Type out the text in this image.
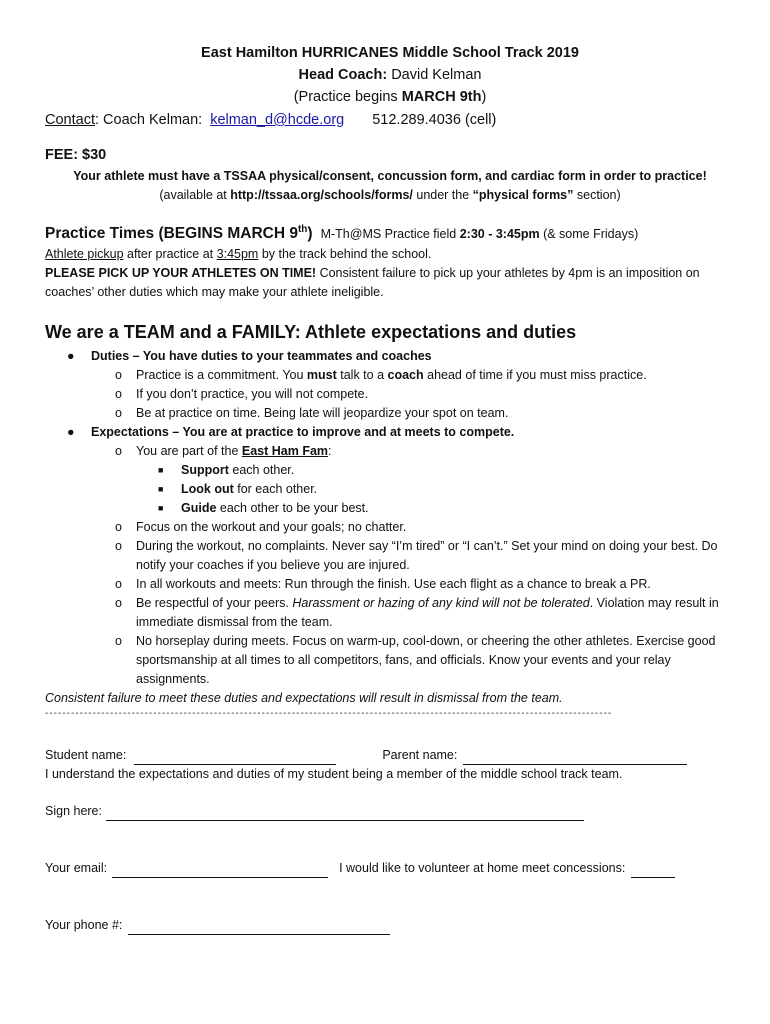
East Hamilton HURRICANES Middle School Track 2019
Head Coach: David Kelman
(Practice begins MARCH 9th)
Contact: Coach Kelman: kelman_d@hcde.org 512.289.4036 (cell)
FEE: $30
Your athlete must have a TSSAA physical/consent, concussion form, and cardiac form in order to practice!
(available at http://tssaa.org/schools/forms/ under the “physical forms” section)
Practice Times (BEGINS MARCH 9th) M-Th@MS Practice field 2:30 - 3:45pm (& some Fridays)
Athlete pickup after practice at 3:45pm by the track behind the school.
PLEASE PICK UP YOUR ATHLETES ON TIME! Consistent failure to pick up your athletes by 4pm is an imposition on coaches’ other duties which may make your athlete ineligible.
We are a TEAM and a FAMILY: Athlete expectations and duties
● Duties – You have duties to your teammates and coaches
o Practice is a commitment. You must talk to a coach ahead of time if you must miss practice.
o If you don’t practice, you will not compete.
o Be at practice on time. Being late will jeopardize your spot on team.
● Expectations – You are at practice to improve and at meets to compete.
o You are part of the East Ham Fam:
■ Support each other.
■ Look out for each other.
■ Guide each other to be your best.
o Focus on the workout and your goals; no chatter.
o During the workout, no complaints. Never say “I’m tired” or “I can’t.” Set your mind on doing your best. Do notify your coaches if you believe you are injured.
o In all workouts and meets: Run through the finish. Use each flight as a chance to break a PR.
o Be respectful of your peers. Harassment or hazing of any kind will not be tolerated. Violation may result in immediate dismissal from the team.
o No horseplay during meets. Focus on warm-up, cool-down, or cheering the other athletes. Exercise good sportsmanship at all times to all competitors, fans, and officials. Know your events and your relay assignments.
Consistent failure to meet these duties and expectations will result in dismissal from the team.
-----------------------------------------------------------------------------------------------------------------------------------
Student name:	Parent name:
I understand the expectations and duties of my student being a member of the middle school track team.
Sign here:
Your email:	I would like to volunteer at home meet concessions:
Your phone #:
